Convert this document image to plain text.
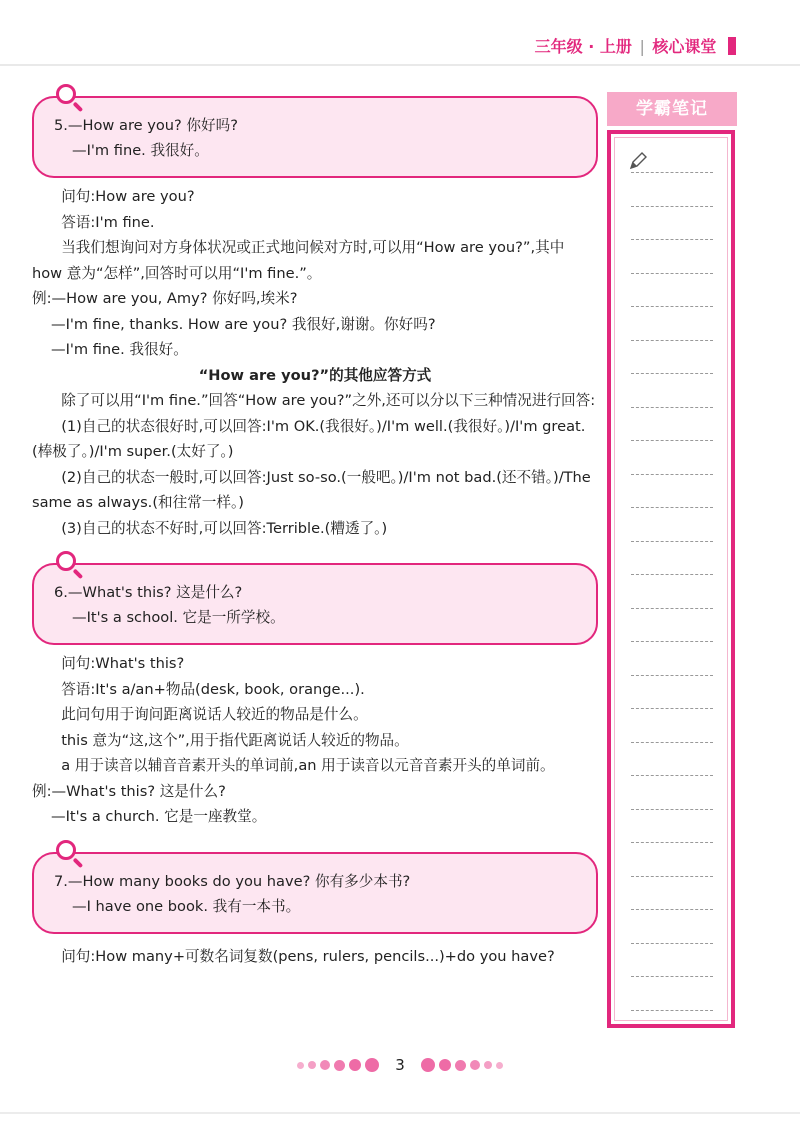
三年级 · 上册 | 核心课堂
5.—How are you? 你好吗?
—I'm fine. 我很好。

问句:How are you?

答语:I'm fine.

当我们想询问对方身体状况或正式地问候对方时,可以用“How are you?”,其中 how 意为“怎样”,回答时可以用“I'm fine.”。

例:—How are you, Amy? 你好吗,埃米?

—I'm fine, thanks. How are you? 我很好,谢谢。你好吗?

—I'm fine. 我很好。

“How are you?”的其他应答方式

除了可以用“I'm fine.”回答“How are you?”之外,还可以分以下三种情况进行回答:

(1)自己的状态很好时,可以回答:I'm OK.(我很好。)/I'm well.(我很好。)/I'm great.(棒极了。)/I'm super.(太好了。)

(2)自己的状态一般时,可以回答:Just so-so.(一般吧。)/I'm not bad.(还不错。)/The same as always.(和往常一样。)

(3)自己的状态不好时,可以回答:Terrible.(糟透了。)

6.—What's this? 这是什么?
—It's a school. 它是一所学校。

问句:What's this?

答语:It's a/an+物品(desk, book, orange...).

此问句用于询问距离说话人较近的物品是什么。

this 意为“这,这个”,用于指代距离说话人较近的物品。

a 用于读音以辅音音素开头的单词前,an 用于读音以元音音素开头的单词前。

例:—What's this? 这是什么?

—It's a church. 它是一座教堂。

7.—How many books do you have? 你有多少本书?
—I have one book. 我有一本书。

问句:How many+可数名词复数(pens, rulers, pencils...)+do you have?

学霸笔记
3
